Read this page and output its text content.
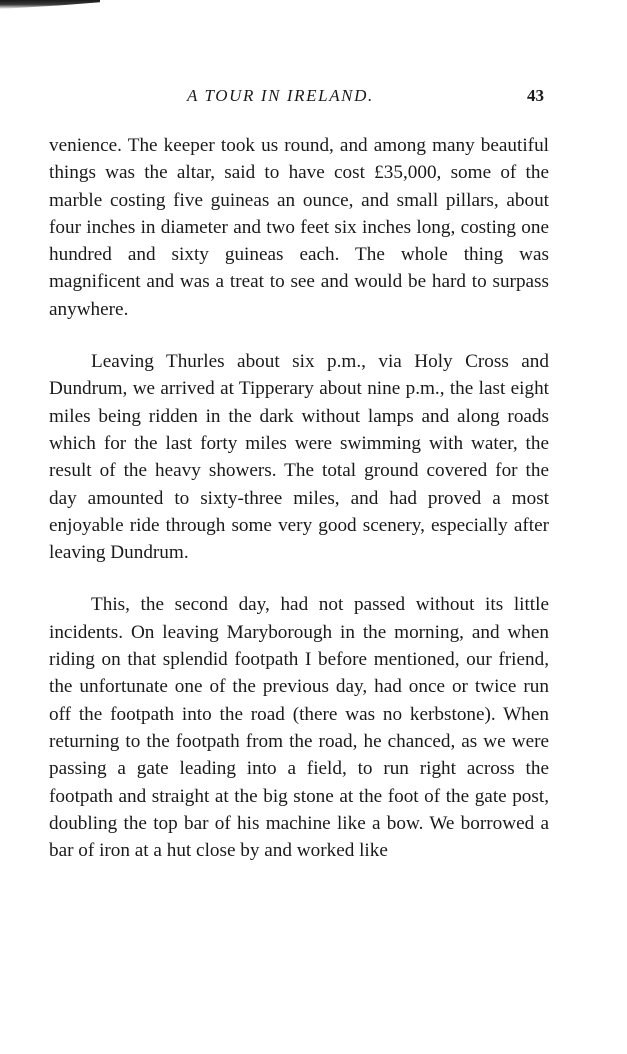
A TOUR IN IRELAND.	43

venience. The keeper took us round, and among many beautiful things was the altar, said to have cost £35,000, some of the marble costing five guineas an ounce, and small pillars, about four inches in diameter and two feet six inches long, costing one hundred and sixty guineas each. The whole thing was magnificent and was a treat to see and would be hard to surpass anywhere.

Leaving Thurles about six p.m., via Holy Cross and Dundrum, we arrived at Tipperary about nine p.m., the last eight miles being ridden in the dark without lamps and along roads which for the last forty miles were swimming with water, the result of the heavy showers. The total ground covered for the day amounted to sixty-three miles, and had proved a most enjoyable ride through some very good scenery, especially after leaving Dundrum.

This, the second day, had not passed without its little incidents. On leaving Maryborough in the morning, and when riding on that splendid footpath I before mentioned, our friend, the unfortunate one of the previous day, had once or twice run off the footpath into the road (there was no kerbstone). When returning to the footpath from the road, he chanced, as we were passing a gate leading into a field, to run right across the footpath and straight at the big stone at the foot of the gate post, doubling the top bar of his machine like a bow. We borrowed a bar of iron at a hut close by and worked like
